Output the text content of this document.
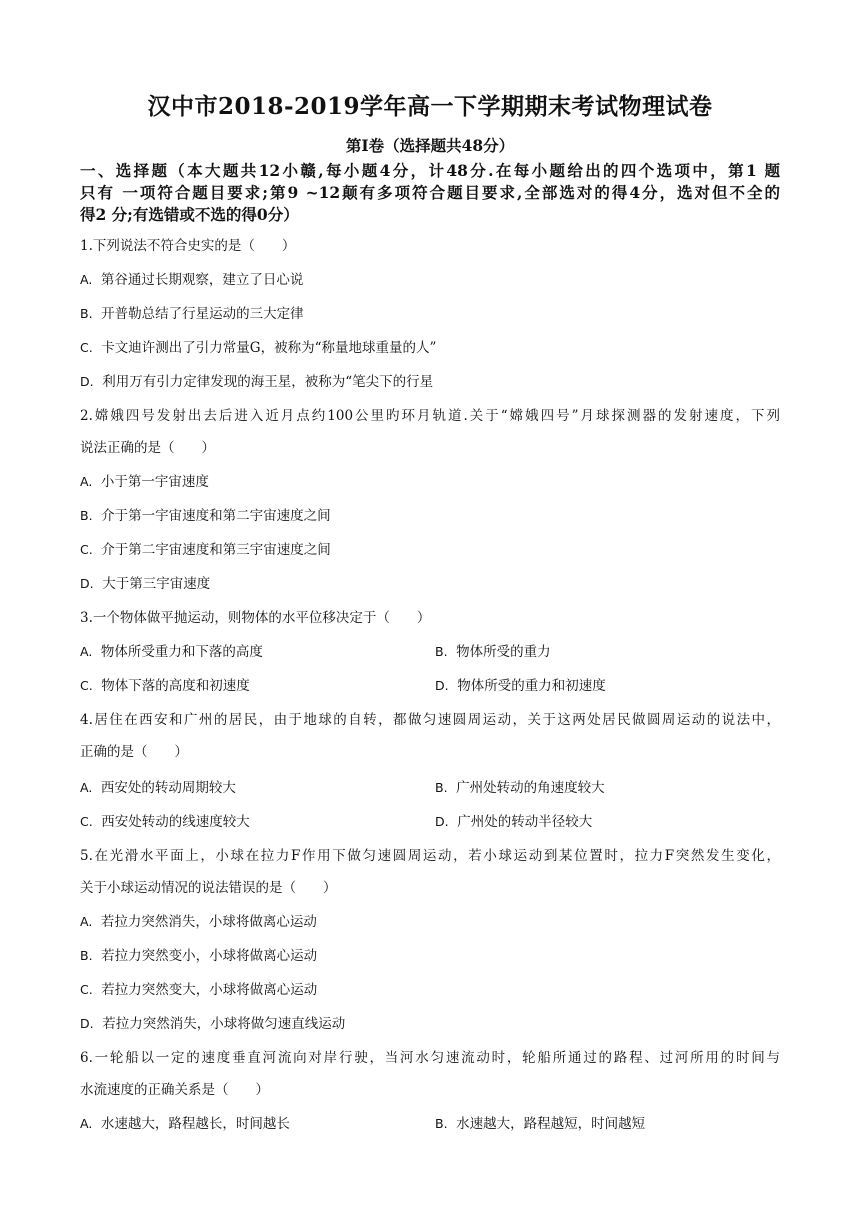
汉中市2018-2019学年高一下学期期末考试物理试卷
第I卷（选择题共48分）
一、选择题（本大题共12小赣,每小题4分，计48分.在每小题给出的四个选项中，第1 题
只有 一项符合题目要求;第9 ~12颠有多项符合题目要求,全部选对的得4分，选对但不全的
得2 分;有选错或不选的得0分）
1.下列说法不符合史实的是（　　）
A. 第谷通过长期观察，建立了日心说
B. 开普勒总结了行星运动的三大定律
C. 卡文迪许测出了引力常量G，被称为“称量地球重量的人”
D. 利用万有引力定律发现的海王星，被称为“笔尖下的行星
2.嫦娥四号发射出去后进入近月点约100公里旳环月轨道.关于“嫦娥四号”月球探测器的发射速度，下列
说法正确的是（　　）
A. 小于第一宇宙速度
B. 介于第一宇宙速度和第二宇宙速度之间
C. 介于第二宇宙速度和第三宇宙速度之间
D. 大于第三宇宙速度
3.一个物体做平抛运动，则物体的水平位移决定于（　　）
A. 物体所受重力和下落的高度	B. 物体所受的重力
C. 物体下落的高度和初速度	D. 物体所受的重力和初速度
4.居住在西安和广州的居民，由于地球的自转，都做匀速圆周运动，关于这两处居民做圆周运动的说法中，
正确的是（　　）
A. 西安处的转动周期较大	B. 广州处转动的角速度较大
C. 西安处转动的线速度较大	D. 广州处的转动半径较大
5.在光滑水平面上，小球在拉力F作用下做匀速圆周运动，若小球运动到某位置时，拉力F突然发生变化，
关于小球运动情况的说法错误的是（　　）
A. 若拉力突然消失，小球将做离心运动
B. 若拉力突然变小，小球将做离心运动
C. 若拉力突然变大，小球将做离心运动
D. 若拉力突然消失，小球将做匀速直线运动
6.一轮船以一定的速度垂直河流向对岸行驶，当河水匀速流动时，轮船所通过的路程、过河所用的时间与
水流速度的正确关系是（　　）
A. 水速越大，路程越长，时间越长	B. 水速越大，路程越短，时间越短
